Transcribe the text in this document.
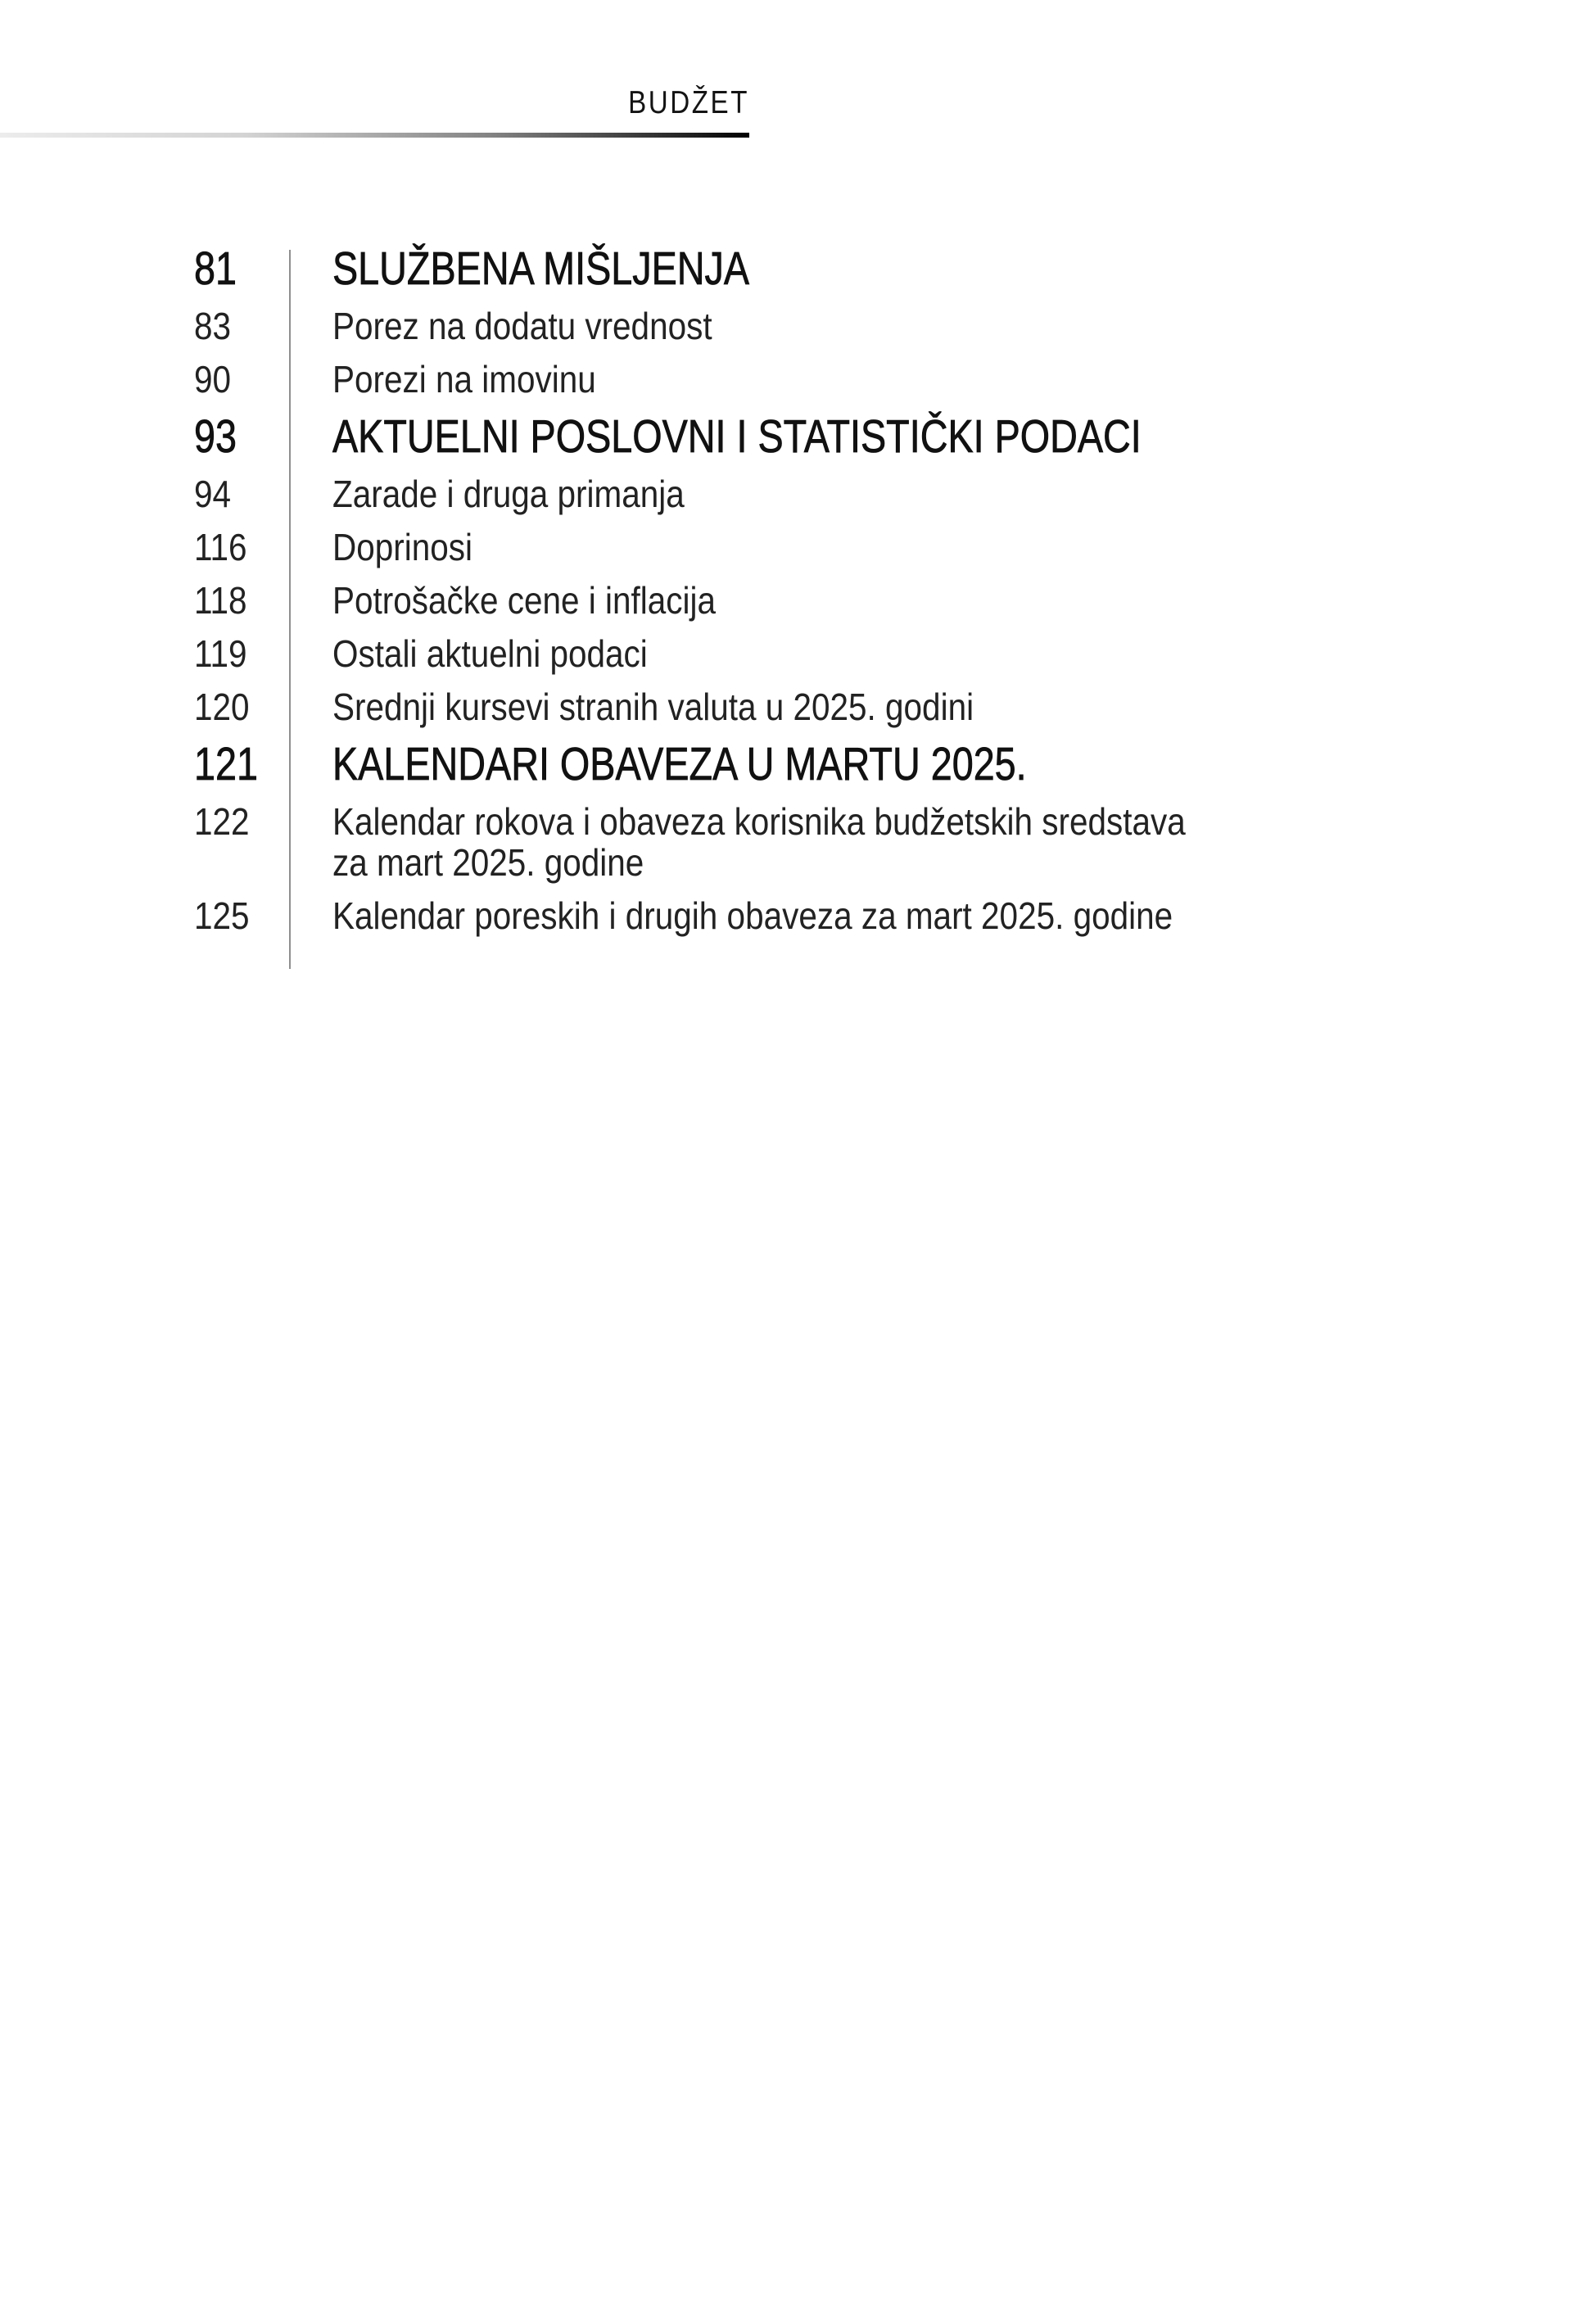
BUDŽET
81	SLUŽBENA MIŠLJENJA
83	Porez na dodatu vrednost
90	Porezi na imovinu
93	AKTUELNI POSLOVNI I STATISTIČKI PODACI
94	Zarade i druga primanja
116	Doprinosi
118	Potrošačke cene i inflacija
119	Ostali aktuelni podaci
120	Srednji kursevi stranih valuta u 2025. godini
121	KALENDARI OBAVEZA U MARTU 2025.
122	Kalendar rokova i obaveza korisnika budžetskih sredstava
za mart 2025. godine
125	Kalendar poreskih i drugih obaveza za mart 2025. godine
